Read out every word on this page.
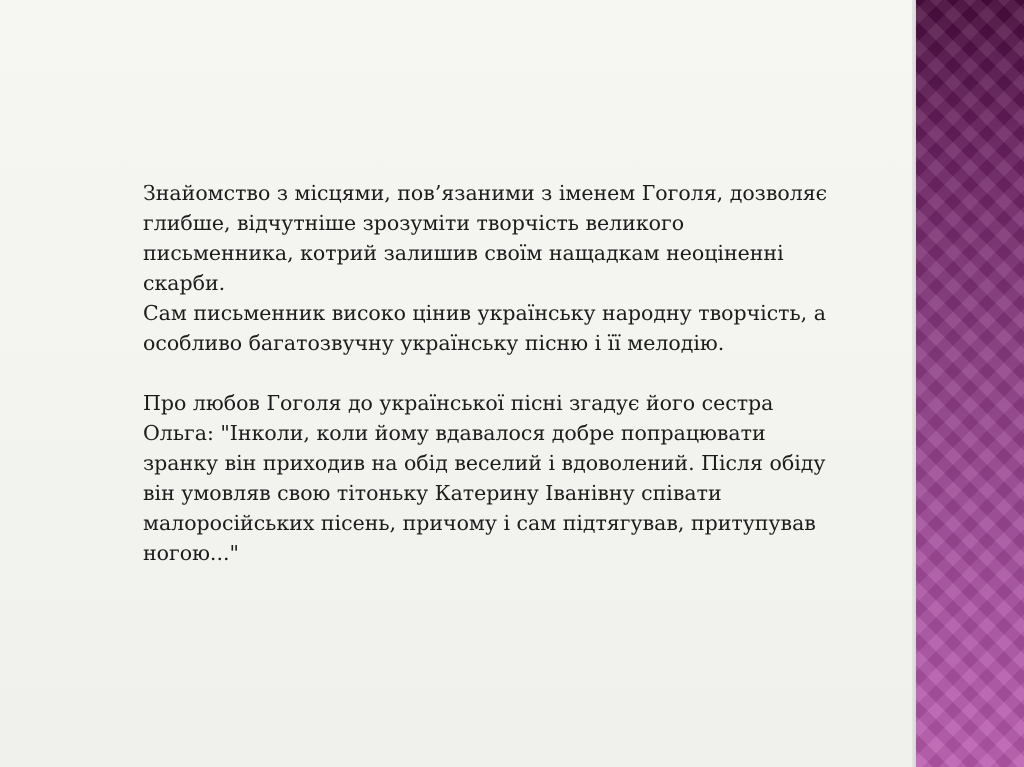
Знайомство з місцями, пов’язаними з іменем Гоголя, дозволяє
глибше, відчутніше зрозуміти творчість великого
письменника, котрий залишив своїм нащадкам неоціненні
скарби.

Сам письменник високо цінив українську народну творчість, а
особливо багатозвучну українську пісню і її мелодію.

Про любов Гоголя до української пісні згадує його сестра
Ольга: "Інколи, коли йому вдавалося добре попрацювати
зранку він приходив на обід веселий і вдоволений. Після обіду
він умовляв свою тітоньку Катерину Іванівну співати
малоросійських пісень, причому і сам підтягував, притупував
ногою..."
